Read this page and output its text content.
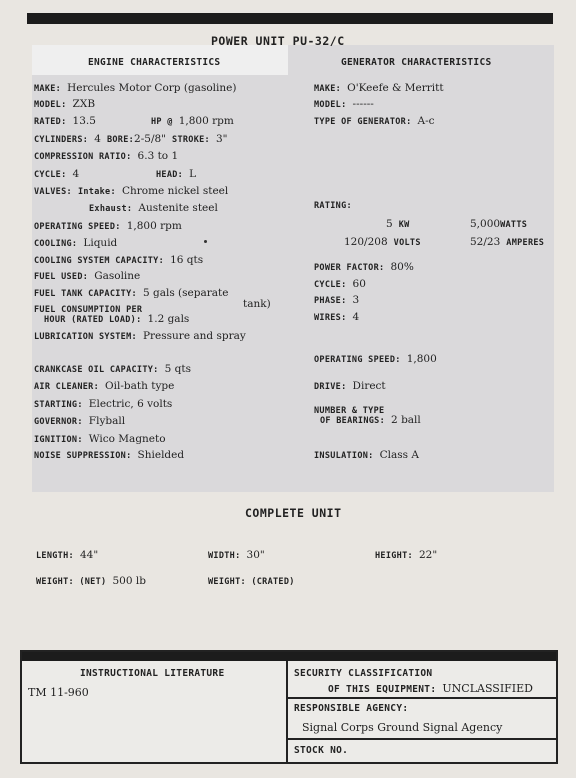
POWER UNIT PU-32/C
ENGINE CHARACTERISTICS	GENERATOR CHARACTERISTICS
MAKE: Hercules Motor Corp (gasoline)
MODEL: ZXB
RATED: 13.5	HP @ 1,800 rpm
CYLINDERS: 4 BORE:2-5/8" STROKE: 3"
COMPRESSION RATIO: 6.3 to 1
CYCLE: 4	HEAD: L
VALVES: Intake: Chrome nickel steel
Exhaust: Austenite steel
OPERATING SPEED: 1,800 rpm
COOLING: Liquid
COOLING SYSTEM CAPACITY: 16 qts
FUEL USED: Gasoline
FUEL TANK CAPACITY: 5 gals (separate
tank)
FUEL CONSUMPTION PER
HOUR (RATED LOAD): 1.2 gals
LUBRICATION SYSTEM: Pressure and spray
CRANKCASE OIL CAPACITY: 5 qts
AIR CLEANER: Oil-bath type
STARTING: Electric, 6 volts
GOVERNOR: Flyball
IGNITION: Wico Magneto
NOISE SUPPRESSION: Shielded
MAKE: O'Keefe & Merritt
MODEL: ------
TYPE OF GENERATOR: A-c
RATING:
5 KW	5,000WATTS
120/208 VOLTS	52/23 AMPERES
POWER FACTOR: 80%
CYCLE: 60
PHASE: 3
WIRES: 4
OPERATING SPEED: 1,800
DRIVE: Direct
NUMBER & TYPE
OF BEARINGS: 2 ball
INSULATION: Class A
COMPLETE UNIT
LENGTH: 44"	WIDTH: 30"	HEIGHT: 22"
WEIGHT: (NET) 500 lb	WEIGHT: (CRATED)
INSTRUCTIONAL LITERATURE
TM 11-960
SECURITY CLASSIFICATION
OF THIS EQUIPMENT: UNCLASSIFIED
RESPONSIBLE AGENCY:
Signal Corps Ground Signal Agency
STOCK NO.
